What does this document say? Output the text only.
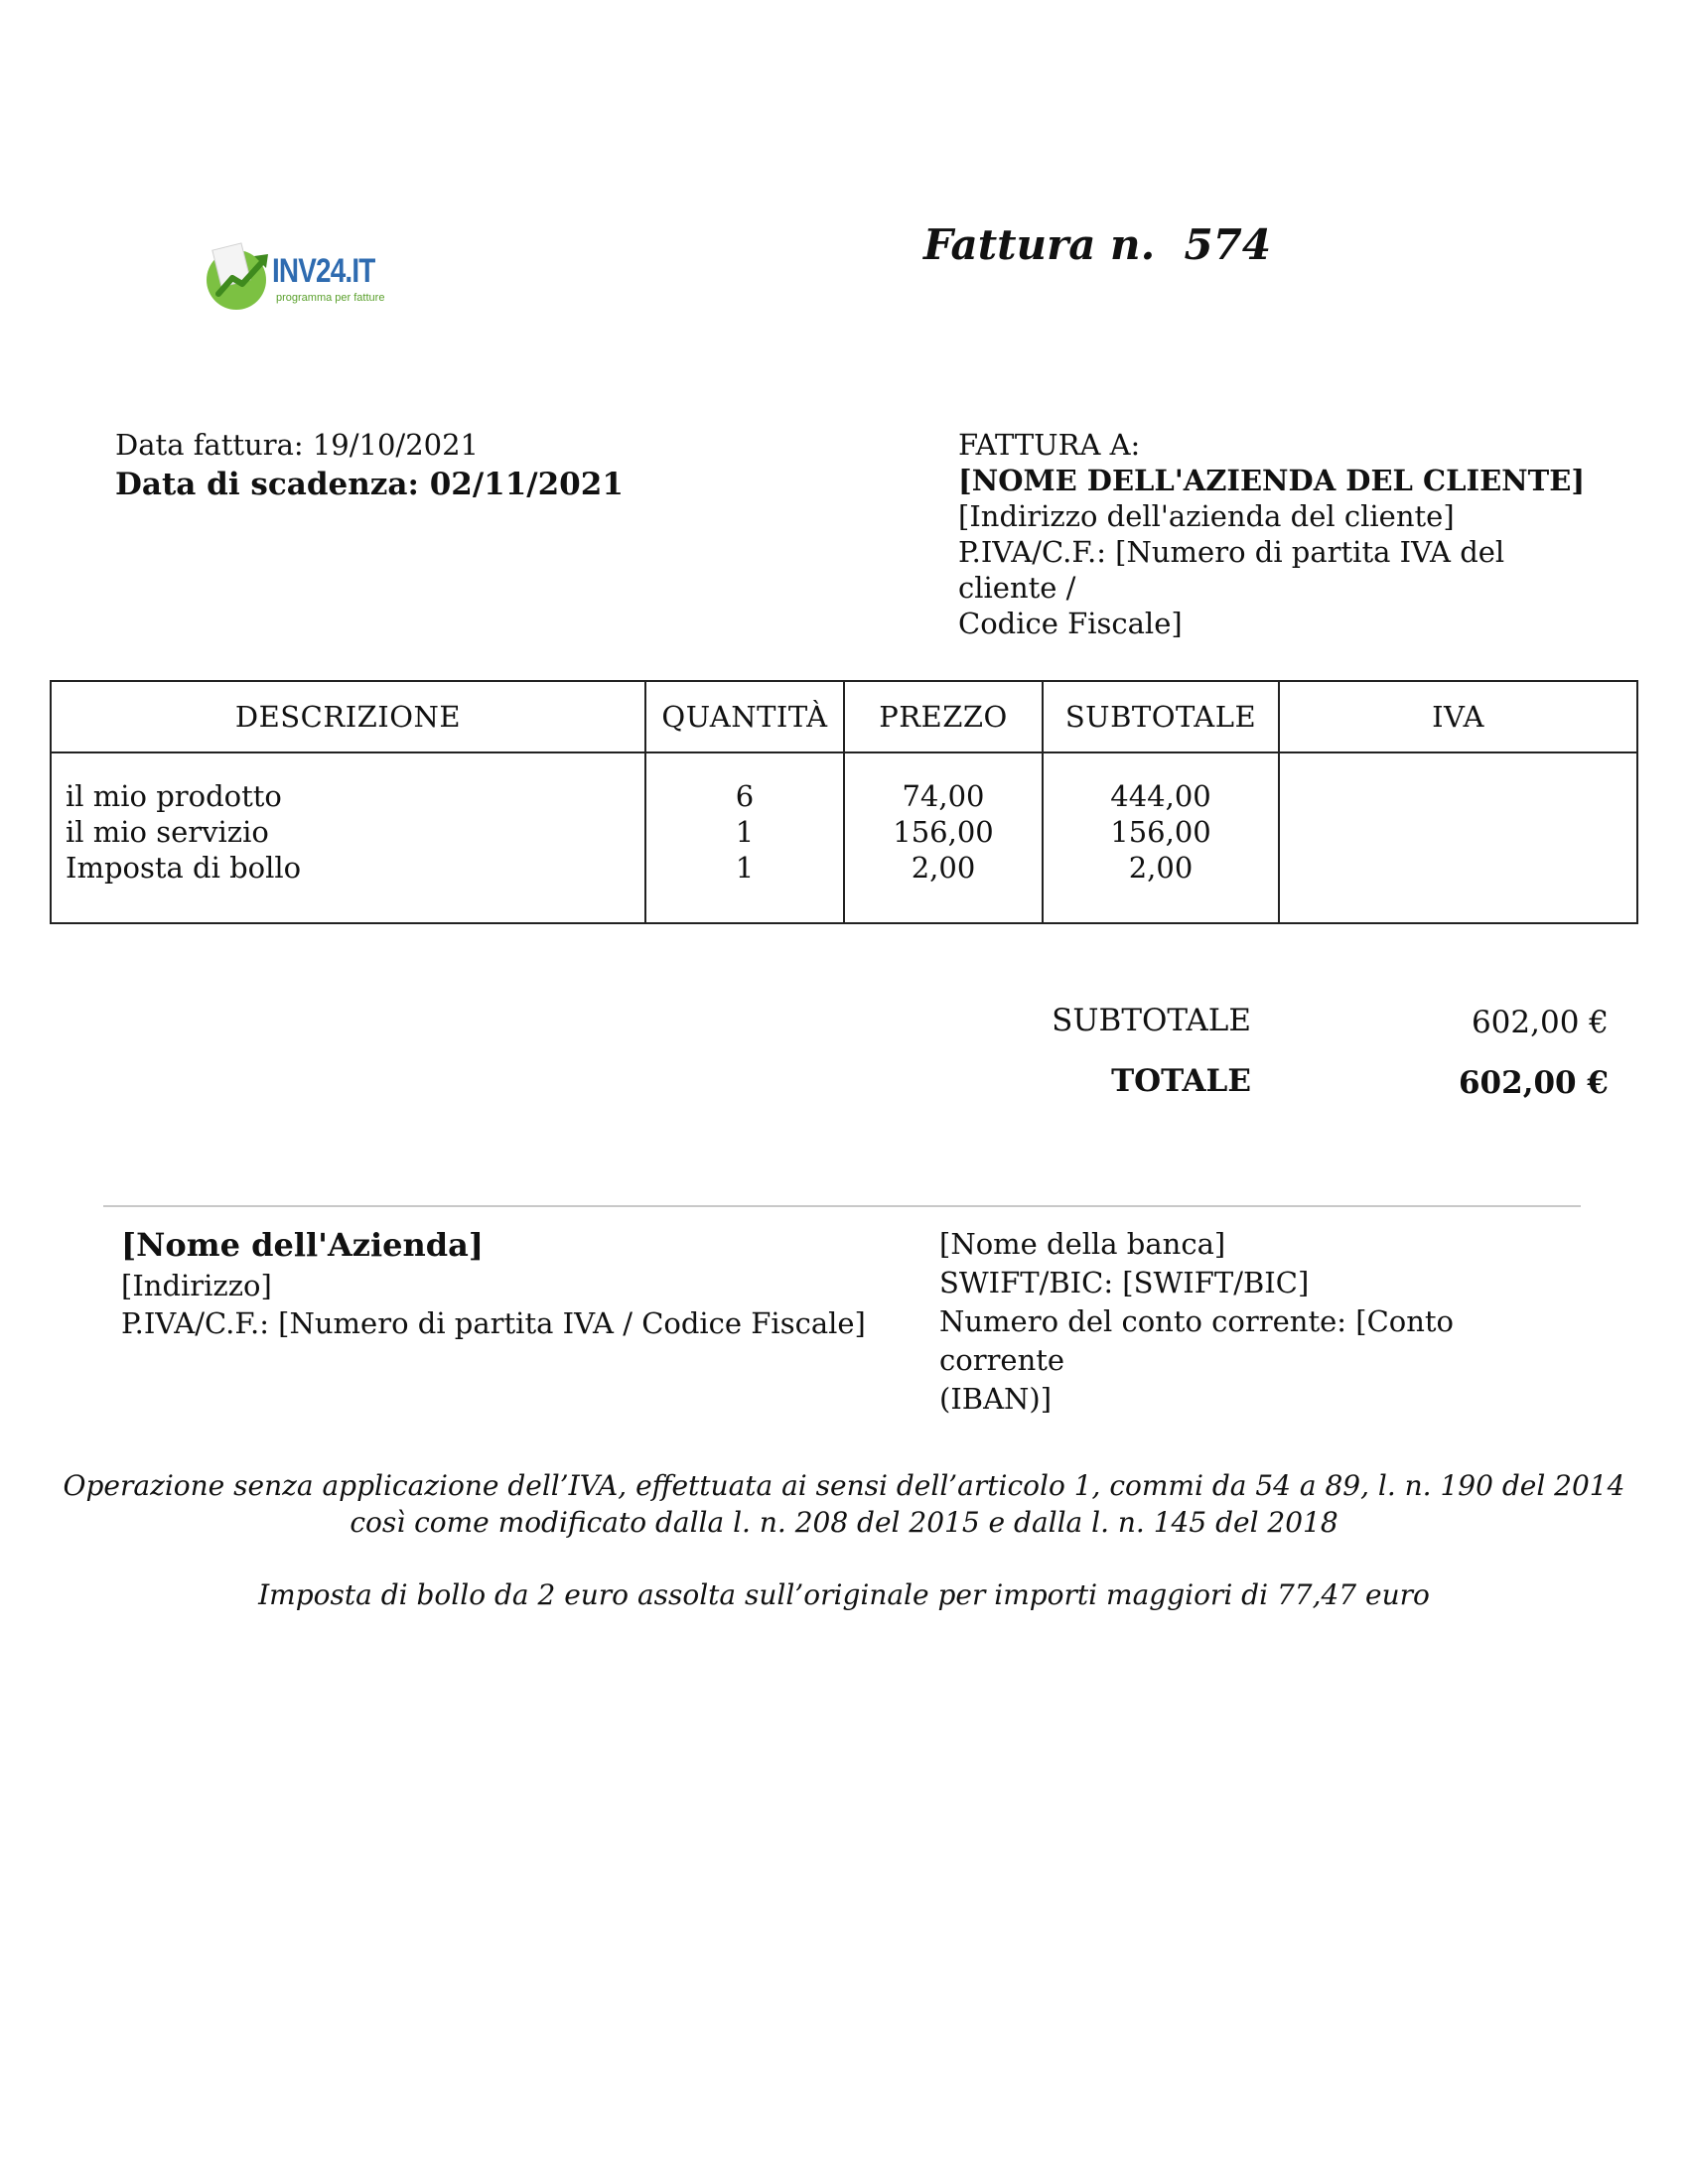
INV24.IT
programma per fatture
Fattura n. 574
Data fattura: 19/10/2021
Data di scadenza: 02/11/2021
FATTURA A:
[NOME DELL'AZIENDA DEL CLIENTE]
[Indirizzo dell'azienda del cliente]
P.IVA/C.F.: [Numero di partita IVA del cliente /
Codice Fiscale]
DESCRIZIONE
il mio prodotto
il mio servizio
Imposta di bollo
QUANTITÀ
6
1
1
PREZZO
74,00
156,00
2,00
SUBTOTALE
444,00
156,00
2,00
IVA
SUBTOTALE	602,00 €
TOTALE	602,00 €
[Nome dell'Azienda]
[Indirizzo]
P.IVA/C.F.: [Numero di partita IVA / Codice Fiscale]
[Nome della banca]
SWIFT/BIC: [SWIFT/BIC]
Numero del conto corrente: [Conto corrente
(IBAN)]
Operazione senza applicazione dell’IVA, effettuata ai sensi dell’articolo 1, commi da 54 a 89, l. n. 190 del 2014
così come modificato dalla l. n. 208 del 2015 e dalla l. n. 145 del 2018
Imposta di bollo da 2 euro assolta sull’originale per importi maggiori di 77,47 euro
